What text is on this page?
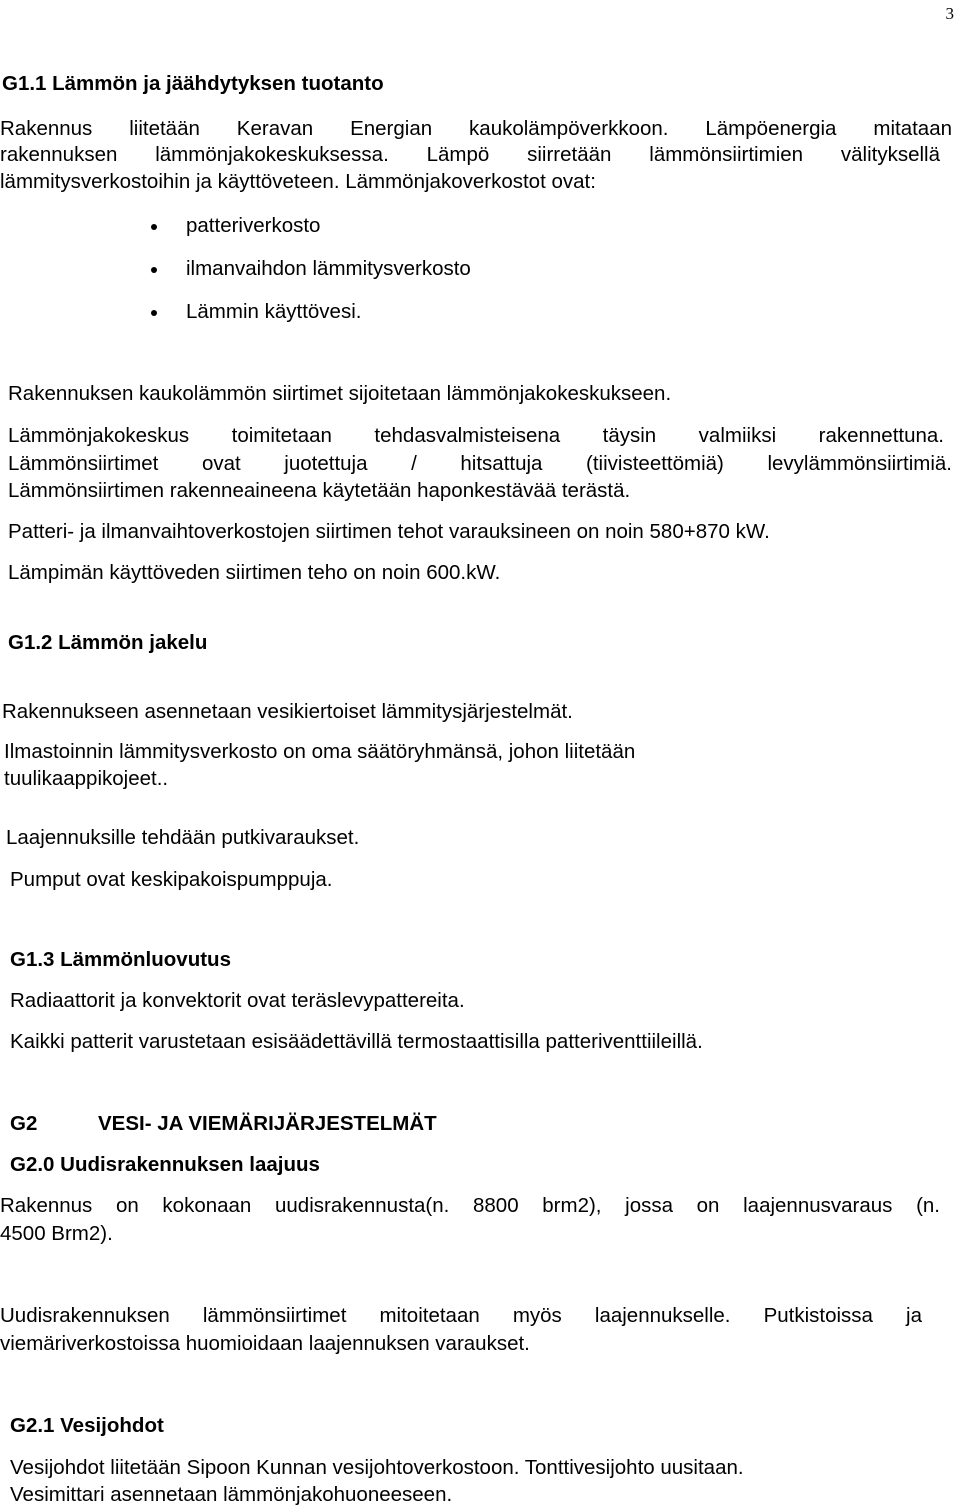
3
G1.1 Lämmön ja jäähdytyksen tuotanto
Rakennus liitetään Keravan Energian kaukolämpöverkkoon. Lämpöenergia mitataan
rakennuksen lämmönjakokeskuksessa. Lämpö siirretään lämmönsiirtimien välityksellä
lämmitysverkostoihin ja käyttöveteen. Lämmönjakoverkostot ovat:
patteriverkosto
ilmanvaihdon lämmitysverkosto
Lämmin käyttövesi.
Rakennuksen kaukolämmön siirtimet sijoitetaan lämmönjakokeskukseen.
Lämmönjakokeskus toimitetaan tehdasvalmisteisena täysin valmiiksi rakennettuna.
Lämmönsiirtimet ovat juotettuja / hitsattuja (tiivisteettömiä) levylämmönsiirtimiä.
Lämmönsiirtimen rakenneaineena käytetään haponkestävää terästä.
Patteri- ja ilmanvaihtoverkostojen siirtimen tehot varauksineen on noin 580+870 kW.
Lämpimän käyttöveden siirtimen teho on noin 600.kW.
G1.2 Lämmön jakelu
Rakennukseen asennetaan vesikiertoiset lämmitysjärjestelmät.
Ilmastoinnin lämmitysverkosto on oma säätöryhmänsä, johon liitetään
tuulikaappikojeet..
Laajennuksille tehdään putkivaraukset.
Pumput ovat keskipakoispumppuja.
G1.3 Lämmönluovutus
Radiaattorit ja konvektorit ovat teräslevypattereita.
Kaikki patterit varustetaan esisäädettävillä termostaattisilla patteriventtiileillä.
G2	VESI- JA VIEMÄRIJÄRJESTELMÄT
G2.0 Uudisrakennuksen laajuus
Rakennus on kokonaan uudisrakennusta(n. 8800 brm2), jossa on laajennusvaraus (n.
4500 Brm2).
Uudisrakennuksen lämmönsiirtimet mitoitetaan myös laajennukselle. Putkistoissa ja
viemäriverkostoissa huomioidaan laajennuksen varaukset.
G2.1 Vesijohdot
Vesijohdot liitetään Sipoon Kunnan vesijohtoverkostoon. Tonttivesijohto uusitaan.
Vesimittari asennetaan lämmönjakohuoneeseen.
